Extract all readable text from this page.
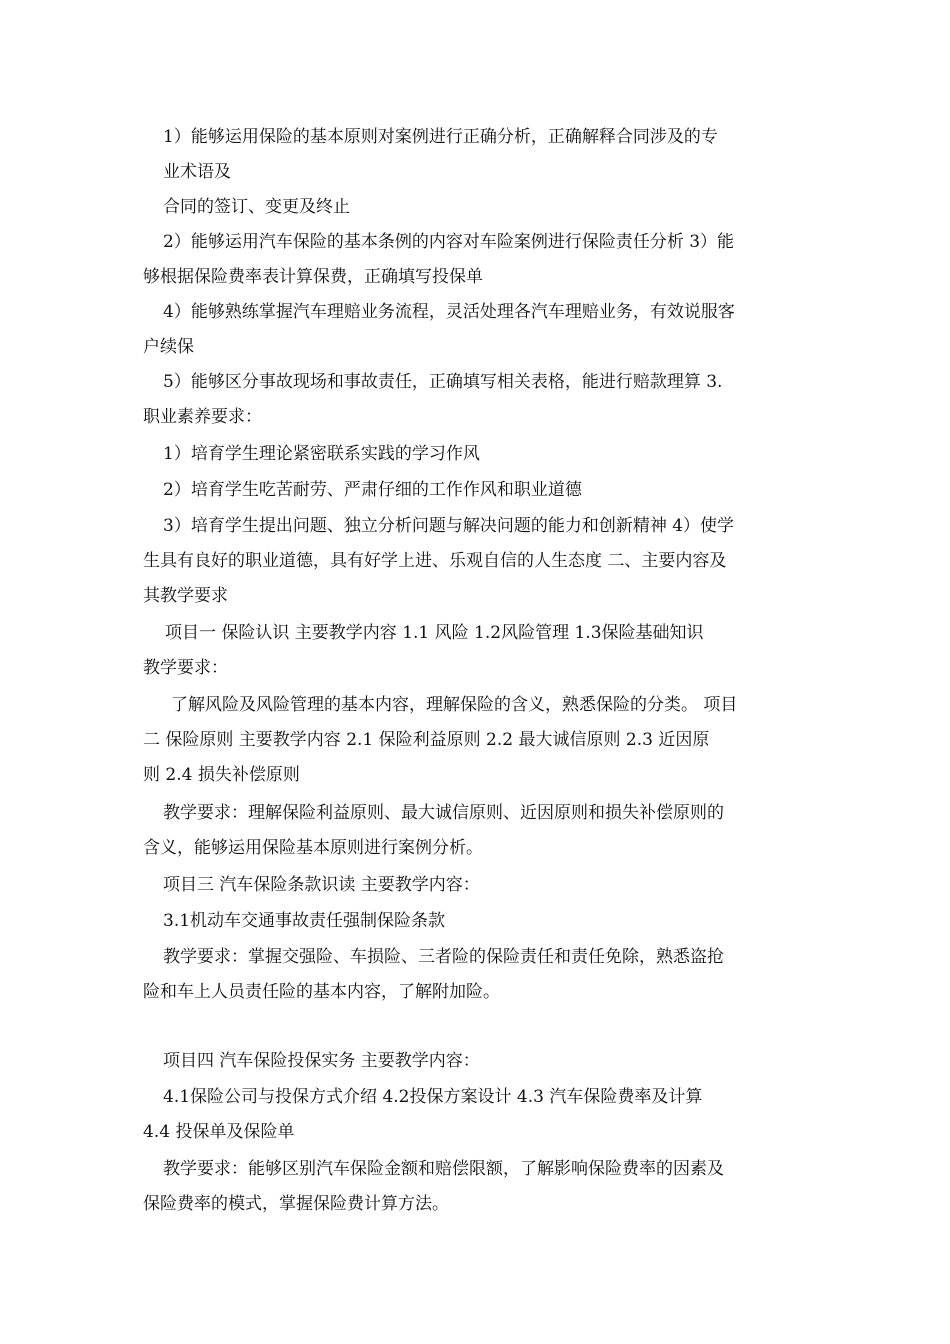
1）能够运用保险的基本原则对案例进行正确分析，正确解释合同涉及的专
业术语及
合同的签订、变更及终止
2）能够运用汽车保险的基本条例的内容对车险案例进行保险责任分析 3）能
够根据保险费率表计算保费，正确填写投保单
4）能够熟练掌握汽车理赔业务流程，灵活处理各汽车理赔业务，有效说服客
户续保
5）能够区分事故现场和事故责任，正确填写相关表格，能进行赔款理算 3.
职业素养要求：
1）培育学生理论紧密联系实践的学习作风
2）培育学生吃苦耐劳、严肃仔细的工作作风和职业道德
3）培育学生提出问题、独立分析问题与解决问题的能力和创新精神 4）使学
生具有良好的职业道德，具有好学上进、乐观自信的人生态度 二、主要内容及
其教学要求
项目一 保险认识 主要教学内容 1.1 风险 1.2风险管理 1.3保险基础知识
教学要求：
了解风险及风险管理的基本内容，理解保险的含义，熟悉保险的分类。 项目
二 保险原则 主要教学内容 2.1 保险利益原则 2.2 最大诚信原则 2.3 近因原
则 2.4 损失补偿原则
教学要求：理解保险利益原则、最大诚信原则、近因原则和损失补偿原则的
含义，能够运用保险基本原则进行案例分析。
项目三 汽车保险条款识读 主要教学内容：
3.1机动车交通事故责任强制保险条款
教学要求：掌握交强险、车损险、三者险的保险责任和责任免除，熟悉盗抢
险和车上人员责任险的基本内容，了解附加险。
项目四 汽车保险投保实务 主要教学内容：
4.1保险公司与投保方式介绍 4.2投保方案设计 4.3 汽车保险费率及计算
4.4 投保单及保险单
教学要求：能够区别汽车保险金额和赔偿限额，了解影响保险费率的因素及
保险费率的模式，掌握保险费计算方法。
